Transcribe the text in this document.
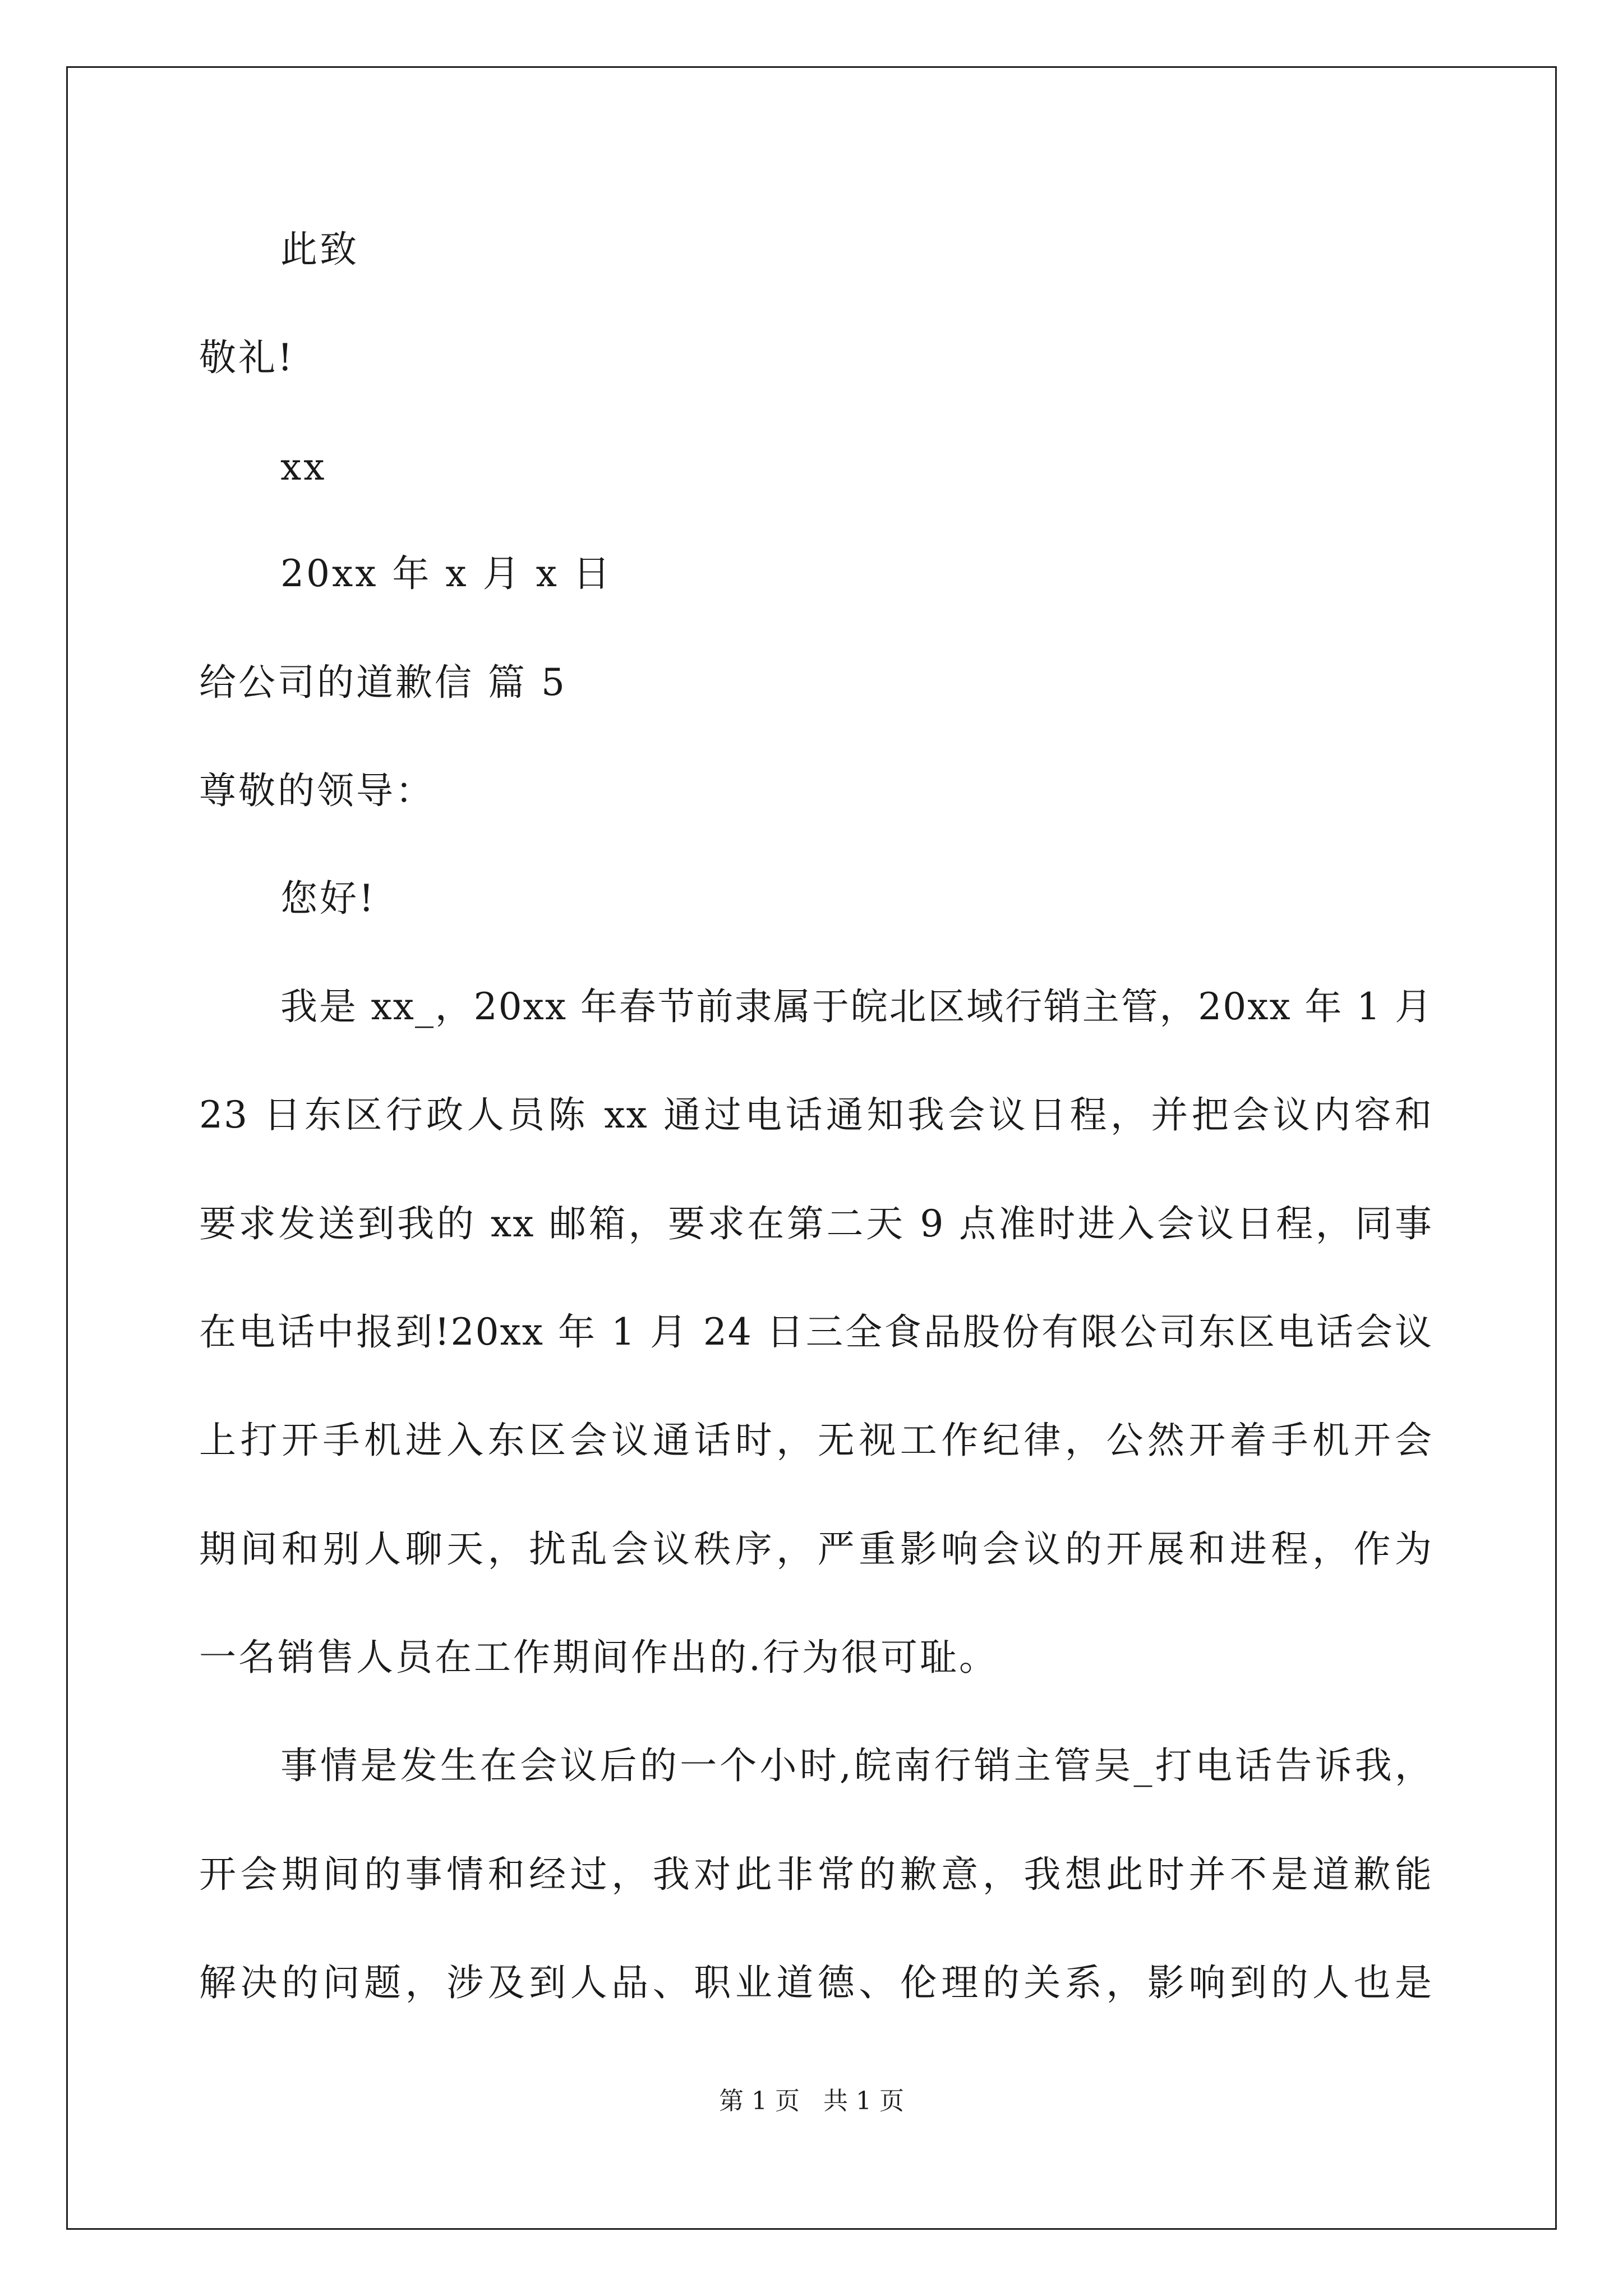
此致
敬礼!
xx
20xx 年 x 月 x 日
给公司的道歉信 篇 5
尊敬的领导：
您好!
我是 xx_，20xx 年春节前隶属于皖北区域行销主管，20xx 年 1 月
23 日东区行政人员陈 xx 通过电话通知我会议日程，并把会议内容和
要求发送到我的 xx 邮箱，要求在第二天 9 点准时进入会议日程，同事
在电话中报到!20xx 年 1 月 24 日三全食品股份有限公司东区电话会议
上打开手机进入东区会议通话时，无视工作纪律，公然开着手机开会
期间和别人聊天，扰乱会议秩序，严重影响会议的开展和进程，作为
一名销售人员在工作期间作出的.行为很可耻。
事情是发生在会议后的一个小时,皖南行销主管吴_打电话告诉我，
开会期间的事情和经过，我对此非常的歉意，我想此时并不是道歉能
解决的问题，涉及到人品、职业道德、伦理的关系，影响到的人也是
第 1 页   共 1 页
